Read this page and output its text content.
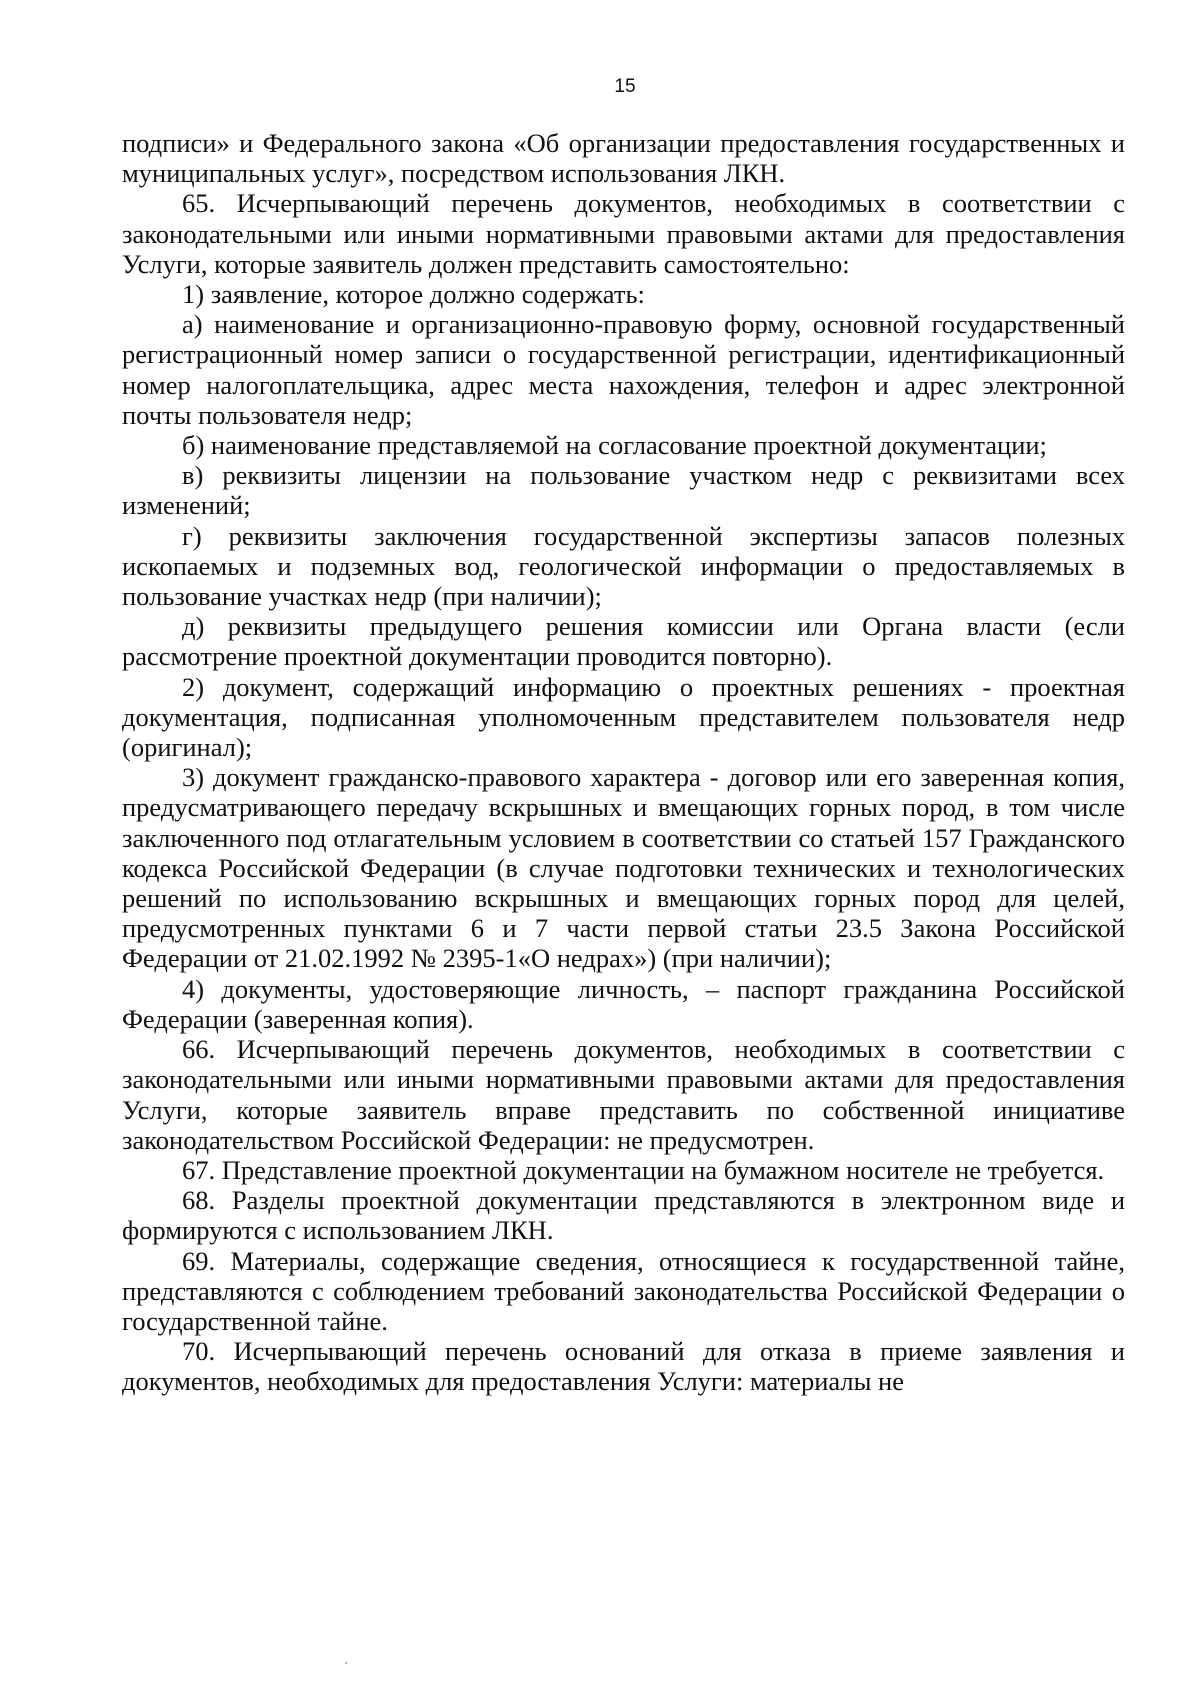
15

подписи» и Федерального закона «Об организации предоставления государственных и муниципальных услуг», посредством использования ЛКН.

65. Исчерпывающий перечень документов, необходимых в соответствии с законодательными или иными нормативными правовыми актами для предоставления Услуги, которые заявитель должен представить самостоятельно:

1) заявление, которое должно содержать:

а) наименование и организационно-правовую форму, основной государственный регистрационный номер записи о государственной регистрации, идентификационный номер налогоплательщика, адрес места нахождения, телефон и адрес электронной почты пользователя недр;

б) наименование представляемой на согласование проектной документации;

в) реквизиты лицензии на пользование участком недр с реквизитами всех изменений;

г) реквизиты заключения государственной экспертизы запасов полезных ископаемых и подземных вод, геологической информации о предоставляемых в пользование участках недр (при наличии);

д) реквизиты предыдущего решения комиссии или Органа власти (если рассмотрение проектной документации проводится повторно).

2) документ, содержащий информацию о проектных решениях - проектная документация, подписанная уполномоченным представителем пользователя недр (оригинал);

3) документ гражданско-правового характера - договор или его заверенная копия, предусматривающего передачу вскрышных и вмещающих горных пород, в том числе заключенного под отлагательным условием в соответствии со статьей 157 Гражданского кодекса Российской Федерации (в случае подготовки технических и технологических решений по использованию вскрышных и вмещающих горных пород для целей, предусмотренных пунктами 6 и 7 части первой статьи 23.5 Закона Российской Федерации от 21.02.1992 № 2395-1«О недрах») (при наличии);

4) документы, удостоверяющие личность, – паспорт гражданина Российской Федерации (заверенная копия).

66. Исчерпывающий перечень документов, необходимых в соответствии с законодательными или иными нормативными правовыми актами для предоставления Услуги, которые заявитель вправе представить по собственной инициативе законодательством Российской Федерации: не предусмотрен.

67. Представление проектной документации на бумажном носителе не требуется.

68. Разделы проектной документации представляются в электронном виде и формируются с использованием ЛКН.

69. Материалы, содержащие сведения, относящиеся к государственной тайне, представляются с соблюдением требований законодательства Российской Федерации о государственной тайне.

70. Исчерпывающий перечень оснований для отказа в приеме заявления и документов, необходимых для предоставления Услуги: материалы не
